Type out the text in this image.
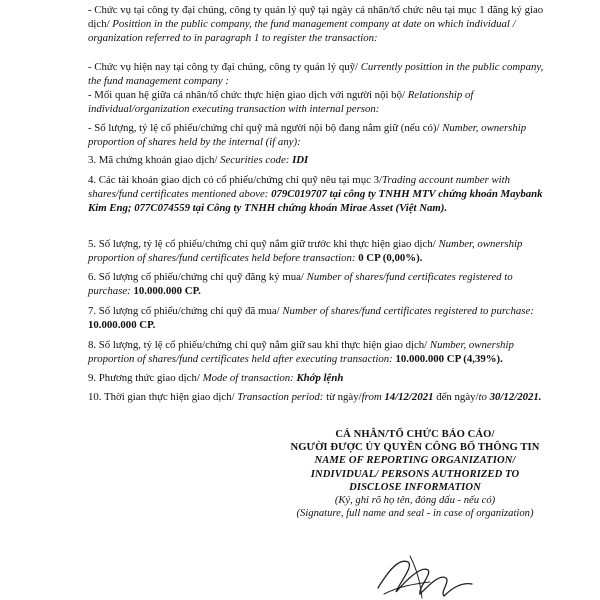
- Chức vụ tại công ty đại chúng, công ty quản lý quỹ tại ngày cá nhân/tổ chức nêu tại mục 1 đăng ký giao dịch/ Posittion in the public company, the fund management company at date on which individual / organization referred to in paragraph 1 to register the transaction:

- Chức vụ hiện nay tại công ty đại chúng, công ty quản lý quỹ/ Currently posittion in the public company, the fund management company :

- Mối quan hệ giữa cá nhân/tổ chức thực hiện giao dịch với người nội bộ/ Relationship of individual/organization executing transaction with internal person:

- Số lượng, tỷ lệ cổ phiếu/chứng chỉ quỹ mà người nội bộ đang nắm giữ (nếu có)/ Number, ownership proportion of shares held by the internal (if any):

3. Mã chứng khoán giao dịch/ Securities code: IDI

4. Các tài khoản giao dịch có cổ phiếu/chứng chỉ quỹ nêu tại mục 3/Trading account number with shares/fund certificates mentioned above: 079C019707 tại công ty TNHH MTV chứng khoán Maybank Kim Eng; 077C074559 tại Công ty TNHH chứng khoán Mirae Asset (Việt Nam).

5. Số lượng, tỷ lệ cổ phiếu/chứng chỉ quỹ nắm giữ trước khi thực hiện giao dịch/ Number, ownership proportion of shares/fund certificates held before transaction: 0 CP (0,00%).

6. Số lượng cổ phiếu/chứng chỉ quỹ đăng ký mua/ Number of shares/fund certificates registered to purchase: 10.000.000 CP.

7. Số lượng cổ phiếu/chứng chỉ quỹ đã mua/ Number of shares/fund certificates registered to purchase: 10.000.000 CP.

8. Số lượng, tỷ lệ cổ phiếu/chứng chỉ quỹ nắm giữ sau khi thực hiện giao dịch/ Number, ownership proportion of shares/fund certificates held after executing transaction: 10.000.000 CP (4,39%).

9. Phương thức giao dịch/ Mode of transaction: Khớp lệnh

10. Thời gian thực hiện giao dịch/ Transaction period: từ ngày/from 14/12/2021 đến ngày/to 30/12/2021.

CÁ NHÂN/TỔ CHỨC BÁO CÁO/
NGƯỜI ĐƯỢC ỦY QUYỀN CÔNG BỐ THÔNG TIN
NAME OF REPORTING ORGANIZATION/
INDIVIDUAL/ PERSONS AUTHORIZED TO
DISCLOSE INFORMATION
(Ký, ghi rõ họ tên, đóng dấu - nếu có)
(Signature, full name and seal - in case of organization)
